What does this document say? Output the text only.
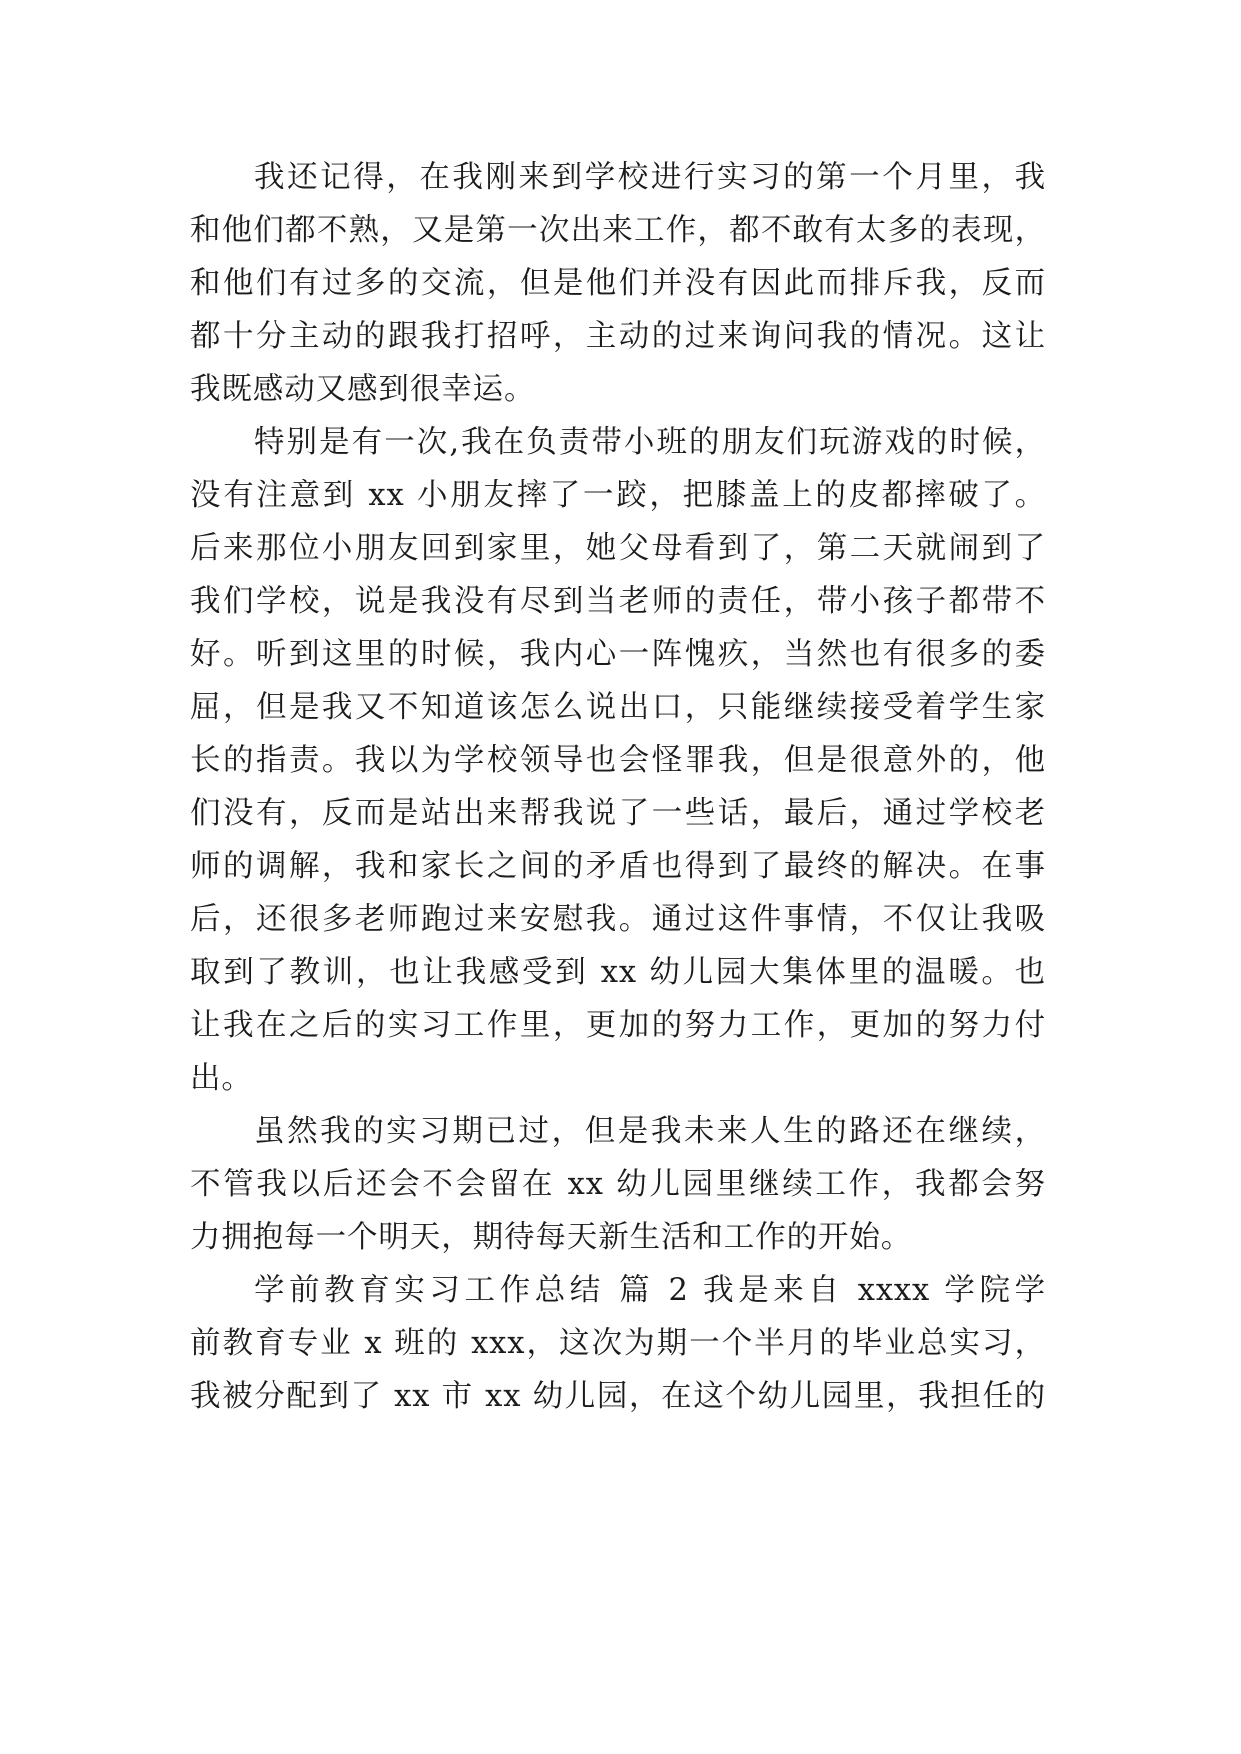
我还记得，在我刚来到学校进行实习的第一个月里，我
和他们都不熟，又是第一次出来工作，都不敢有太多的表现，
和他们有过多的交流，但是他们并没有因此而排斥我，反而
都十分主动的跟我打招呼，主动的过来询问我的情况。这让
我既感动又感到很幸运。
特别是有一次,我在负责带小班的朋友们玩游戏的时候，
没有注意到 xx 小朋友摔了一跤，把膝盖上的皮都摔破了。
后来那位小朋友回到家里，她父母看到了，第二天就闹到了
我们学校，说是我没有尽到当老师的责任，带小孩子都带不
好。听到这里的时候，我内心一阵愧疚，当然也有很多的委
屈，但是我又不知道该怎么说出口，只能继续接受着学生家
长的指责。我以为学校领导也会怪罪我，但是很意外的，他
们没有，反而是站出来帮我说了一些话，最后，通过学校老
师的调解，我和家长之间的矛盾也得到了最终的解决。在事
后，还很多老师跑过来安慰我。通过这件事情，不仅让我吸
取到了教训，也让我感受到 xx 幼儿园大集体里的温暖。也
让我在之后的实习工作里，更加的努力工作，更加的努力付
出。
虽然我的实习期已过，但是我未来人生的路还在继续，
不管我以后还会不会留在 xx 幼儿园里继续工作，我都会努
力拥抱每一个明天，期待每天新生活和工作的开始。
学前教育实习工作总结 篇 2 我是来自 xxxx 学院学
前教育专业 x 班的 xxx，这次为期一个半月的毕业总实习，
我被分配到了 xx 市 xx 幼儿园，在这个幼儿园里，我担任的
